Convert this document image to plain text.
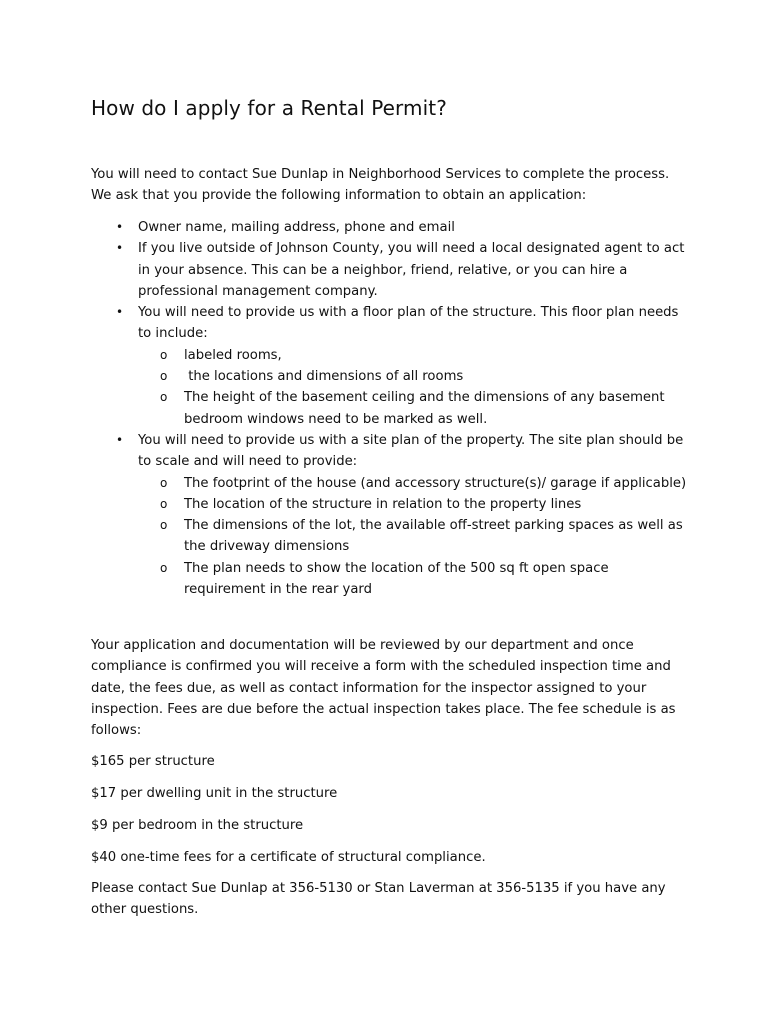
How do I apply for a Rental Permit?

You will need to contact Sue Dunlap in Neighborhood Services to complete the process. We ask that you provide the following information to obtain an application:

• Owner name, mailing address, phone and email
• If you live outside of Johnson County, you will need a local designated agent to act in your absence. This can be a neighbor, friend, relative, or you can hire a professional management company.
• You will need to provide us with a floor plan of the structure. This floor plan needs to include:
o labeled rooms,
o the locations and dimensions of all rooms
o The height of the basement ceiling and the dimensions of any basement bedroom windows need to be marked as well.
• You will need to provide us with a site plan of the property. The site plan should be to scale and will need to provide:
o The footprint of the house (and accessory structure(s)/ garage if applicable)
o The location of the structure in relation to the property lines
o The dimensions of the lot, the available off-street parking spaces as well as the driveway dimensions
o The plan needs to show the location of the 500 sq ft open space requirement in the rear yard

Your application and documentation will be reviewed by our department and once compliance is confirmed you will receive a form with the scheduled inspection time and date, the fees due, as well as contact information for the inspector assigned to your inspection. Fees are due before the actual inspection takes place. The fee schedule is as follows:

$165 per structure

$17 per dwelling unit in the structure

$9 per bedroom in the structure

$40 one-time fees for a certificate of structural compliance.

Please contact Sue Dunlap at 356-5130 or Stan Laverman at 356-5135 if you have any other questions.
